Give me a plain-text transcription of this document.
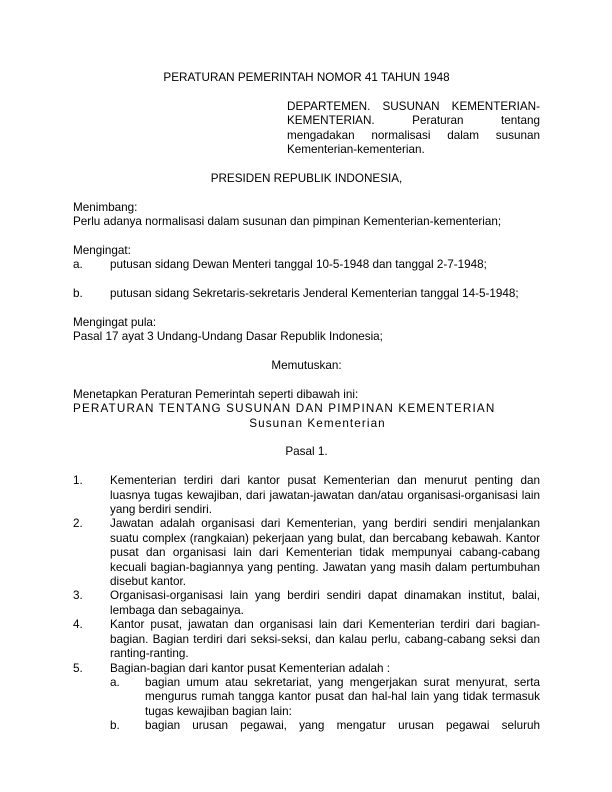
PERATURAN PEMERINTAH NOMOR 41 TAHUN 1948
DEPARTEMEN. SUSUNAN KEMENTERIAN-KEMENTERIAN. Peraturan tentang mengadakan normalisasi dalam susunan Kementerian-kementerian.
PRESIDEN REPUBLIK INDONESIA,
Menimbang:
Perlu adanya normalisasi dalam susunan dan pimpinan Kementerian-kementerian;
Mengingat:
a.	putusan sidang Dewan Menteri tanggal 10-5-1948 dan tanggal 2-7-1948;
b.	putusan sidang Sekretaris-sekretaris Jenderal Kementerian tanggal 14-5-1948;
Mengingat pula:
Pasal 17 ayat 3 Undang-Undang Dasar Republik Indonesia;
Memutuskan:
Menetapkan Peraturan Pemerintah seperti dibawah ini:
PERATURAN TENTANG SUSUNAN DAN PIMPINAN KEMENTERIAN
Susunan Kementerian
Pasal 1.
1.	Kementerian terdiri dari kantor pusat Kementerian dan menurut penting dan luasnya tugas kewajiban, dari jawatan-jawatan dan/atau organisasi-organisasi lain yang berdiri sendiri.
2.	Jawatan adalah organisasi dari Kementerian, yang berdiri sendiri menjalankan suatu complex (rangkaian) pekerjaan yang bulat, dan bercabang kebawah. Kantor pusat dan organisasi lain dari Kementerian tidak mempunyai cabang-cabang kecuali bagian-bagiannya yang penting. Jawatan yang masih dalam pertumbuhan disebut kantor.
3.	Organisasi-organisasi lain yang berdiri sendiri dapat dinamakan institut, balai, lembaga dan sebagainya.
4.	Kantor pusat, jawatan dan organisasi lain dari Kementerian terdiri dari bagian-bagian. Bagian terdiri dari seksi-seksi, dan kalau perlu, cabang-cabang seksi dan ranting-ranting.
5.	Bagian-bagian dari kantor pusat Kementerian adalah :
a.	bagian umum atau sekretariat, yang mengerjakan surat menyurat, serta mengurus rumah tangga kantor pusat dan hal-hal lain yang tidak termasuk tugas kewajiban bagian lain:
b.	bagian urusan pegawai, yang mengatur urusan pegawai seluruh
